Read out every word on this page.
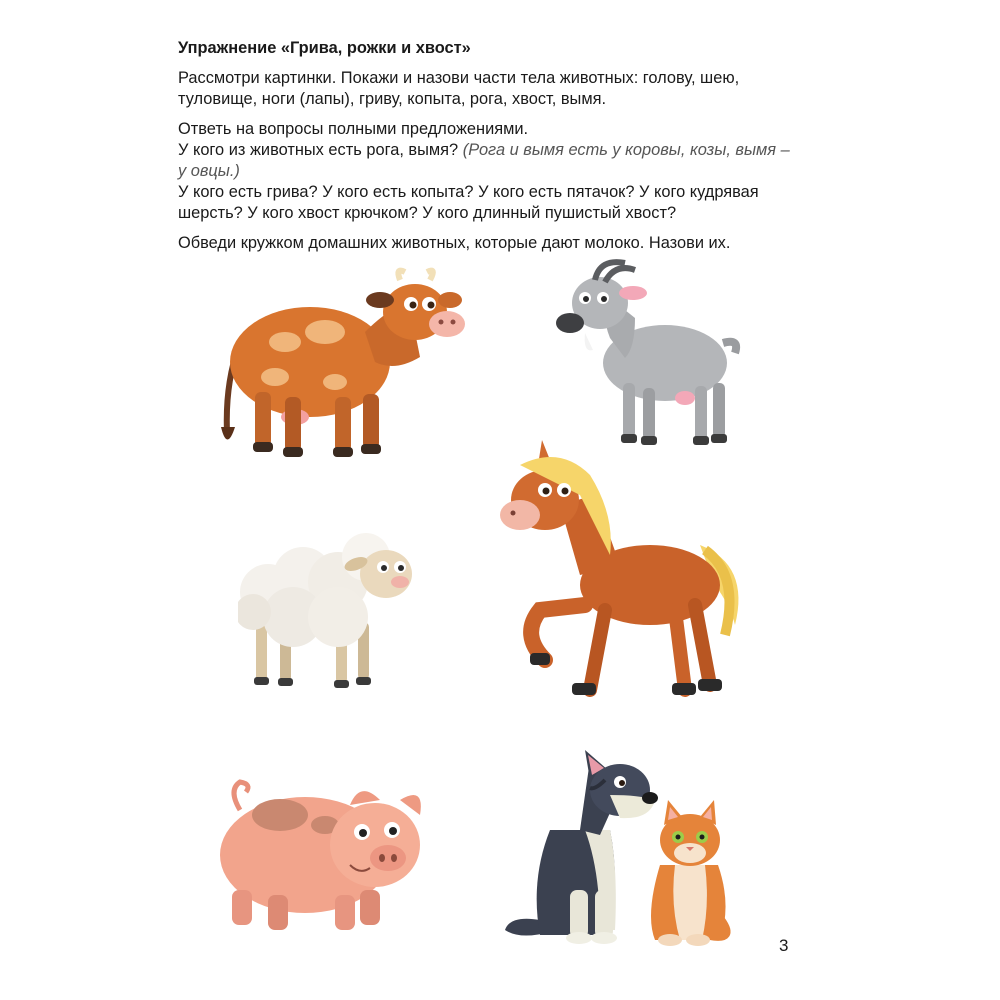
Упражнение «Грива, рожки и хвост»

Рассмотри картинки. Покажи и назови части тела животных: голову, шею, туловище, ноги (лапы), гриву, копыта, рога, хвост, вымя.

Ответь на вопросы полными предложениями.

У кого из животных есть рога, вымя? (Рога и вымя есть у коровы, козы, вымя – у овцы.)

У кого есть грива? У кого есть копыта? У кого есть пятачок? У кого кудрявая шерсть? У кого хвост крючком? У кого длинный пушистый хвост?

Обведи кружком домашних животных, которые дают молоко. Назови их.

3
